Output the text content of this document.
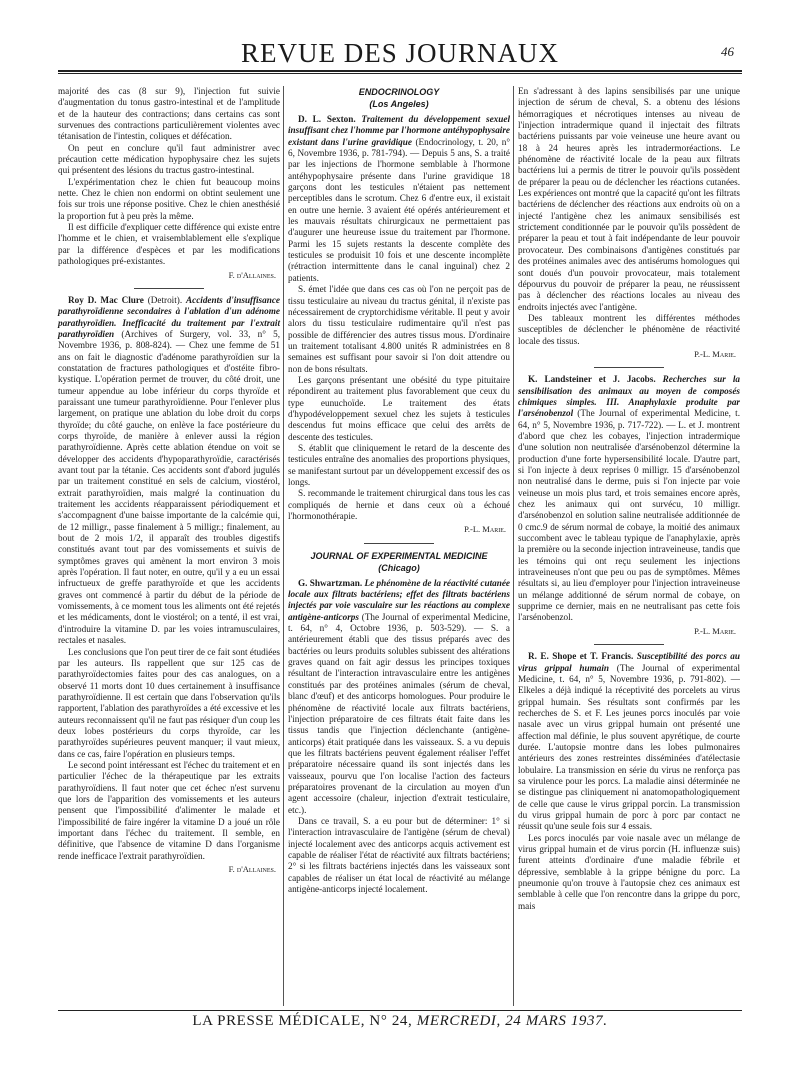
REVUE DES JOURNAUX	46

majorité des cas (8 sur 9), l'injection fut suivie d'augmentation du tonus gastro-intestinal et de l'amplitude et de la hauteur des contractions; dans certains cas sont survenues des contractions particulièrement violentes avec tétanisation de l'intestin, coliques et défécation.

On peut en conclure qu'il faut administrer avec précaution cette médication hypophysaire chez les sujets qui présentent des lésions du tractus gastro-intestinal.

L'expérimentation chez le chien fut beaucoup moins nette. Chez le chien non endormi on obtint seulement une fois sur trois une réponse positive. Chez le chien anesthésié la proportion fut à peu près la même.

Il est difficile d'expliquer cette différence qui existe entre l'homme et le chien, et vraisemblablement elle s'explique par la différence d'espèces et par les modifications pathologiques pré-existantes.

F. d'Allaines.

Roy D. Mac Clure (Detroit). Accidents d'insuffisance parathyroïdienne secondaires à l'ablation d'un adénome parathyroïdien. Inefficacité du traitement par l'extrait parathyroïdien (Archives of Surgery, vol. 33, n° 5, Novembre 1936, p. 808-824). — Chez une femme de 51 ans on fait le diagnostic d'adénome parathyroïdien sur la constatation de fractures pathologiques et d'ostéite fibro-kystique. L'opération permet de trouver, du côté droit, une tumeur appendue au lobe inférieur du corps thyroïde et paraissant une tumeur parathyroïdienne. Pour l'enlever plus largement, on pratique une ablation du lobe droit du corps thyroïde; du côté gauche, on enlève la face postérieure du corps thyroïde, de manière à enlever aussi la région parathyroïdienne. Après cette ablation étendue on voit se développer des accidents d'hypoparathyroïdie, caractérisés avant tout par la tétanie. Ces accidents sont d'abord jugulés par un traitement constitué en sels de calcium, viostérol, extrait parathyroïdien, mais malgré la continuation du traitement les accidents réapparaissent périodiquement et s'accompagnent d'une baisse importante de la calcémie qui, de 12 milligr., passe finalement à 5 milligr.; finalement, au bout de 2 mois 1/2, il apparaît des troubles digestifs constitués avant tout par des vomissements et suivis de symptômes graves qui amènent la mort environ 3 mois après l'opération. Il faut noter, en outre, qu'il y a eu un essai infructueux de greffe parathyroïde et que les accidents graves ont commencé à partir du début de la période de vomissements, à ce moment tous les aliments ont été rejetés et les médicaments, dont le viostérol; on a tenté, il est vrai, d'introduire la vitamine D. par les voies intramusculaires, rectales et nasales.

Les conclusions que l'on peut tirer de ce fait sont étudiées par les auteurs. Ils rappellent que sur 125 cas de parathyroïdectomies faites pour des cas analogues, on a observé 11 morts dont 10 dues certainement à insuffisance parathyroïdienne. Il est certain que dans l'observation qu'ils rapportent, l'ablation des parathyroïdes a été excessive et les auteurs reconnaissent qu'il ne faut pas résiquer d'un coup les deux lobes postérieurs du corps thyroïde, car les parathyroïdes supérieures peuvent manquer; il vaut mieux, dans ce cas, faire l'opération en plusieurs temps.

Le second point intéressant est l'échec du traitement et en particulier l'échec de la thérapeutique par les extraits parathyroïdiens. Il faut noter que cet échec n'est survenu que lors de l'apparition des vomissements et les auteurs pensent que l'impossibilité d'alimenter le malade et l'impossibilité de faire ingérer la vitamine D a joué un rôle important dans l'échec du traitement. Il semble, en définitive, que l'absence de vitamine D dans l'organisme rende inefficace l'extrait parathyroïdien.

F. d'Allaines.
ENDOCRINOLOGY
(Los Angeles)

D. L. Sexton. Traitement du développement sexuel insuffisant chez l'homme par l'hormone antéhypophysaire existant dans l'urine gravidique (Endocrinology, t. 20, n° 6, Novembre 1936, p. 781-794). — Depuis 5 ans, S. a traité par les injections de l'hormone semblable à l'hormone antéhypophysaire présente dans l'urine gravidique 18 garçons dont les testicules n'étaient pas nettement perceptibles dans le scrotum. Chez 6 d'entre eux, il existait en outre une hernie. 3 avaient été opérés antérieurement et les mauvais résultats chirurgicaux ne permettaient pas d'augurer une heureuse issue du traitement par l'hormone. Parmi les 15 sujets restants la descente complète des testicules se produisit 10 fois et une descente incomplète (rétraction intermittente dans le canal inguinal) chez 2 patients.

S. émet l'idée que dans ces cas où l'on ne perçoit pas de tissu testiculaire au niveau du tractus génital, il n'existe pas nécessairement de cryptorchidisme véritable. Il peut y avoir alors du tissu testiculaire rudimentaire qu'il n'est pas possible de différencier des autres tissus mous. D'ordinaire un traitement totalisant 4.800 unités R administrées en 8 semaines est suffisant pour savoir si l'on doit attendre ou non de bons résultats.

Les garçons présentant une obésité du type pituitaire répondirent au traitement plus favorablement que ceux du type eunuchoïde. Le traitement des états d'hypodéveloppement sexuel chez les sujets à testicules descendus fut moins efficace que celui des arrêts de descente des testicules.

S. établit que cliniquement le retard de la descente des testicules entraîne des anomalies des proportions physiques, se manifestant surtout par un développement excessif des os longs.

S. recommande le traitement chirurgical dans tous les cas compliqués de hernie et dans ceux où a échoué l'hormonothérapie.

P.-L. Marie.
JOURNAL OF EXPERIMENTAL MEDICINE
(Chicago)

G. Shwartzman. Le phénomène de la réactivité cutanée locale aux filtrats bactériens; effet des filtrats bactériens injectés par voie vasculaire sur les réactions au complexe antigène-anticorps (The Journal of experimental Medicine, t. 64, n° 4, Octobre 1936, p. 503-529). — S. a antérieurement établi que des tissus préparés avec des bactéries ou leurs produits solubles subissent des altérations graves quand on fait agir dessus les principes toxiques résultant de l'interaction intravasculaire entre les antigènes constitués par des protéines animales (sérum de cheval, blanc d'œuf) et des anticorps homologues. Pour produire le phénomène de réactivité locale aux filtrats bactériens, l'injection préparatoire de ces filtrats était faite dans les tissus tandis que l'injection déclenchante (antigène-anticorps) était pratiquée dans les vaisseaux. S. a vu depuis que les filtrats bactériens peuvent également réaliser l'effet préparatoire nécessaire quand ils sont injectés dans les vaisseaux, pourvu que l'on localise l'action des facteurs préparatoires provenant de la circulation au moyen d'un agent accessoire (chaleur, injection d'extrait testiculaire, etc.).

Dans ce travail, S. a eu pour but de déterminer: 1° si l'interaction intravasculaire de l'antigène (sérum de cheval) injecté localement avec des anticorps acquis activement est capable de réaliser l'état de réactivité aux filtrats bactériens; 2° si les filtrats bactériens injectés dans les vaisseaux sont capables de réaliser un état local de réactivité au mélange antigène-anticorps injecté localement.

En s'adressant à des lapins sensibilisés par une unique injection de sérum de cheval, S. a obtenu des lésions hémorragiques et nécrotiques intenses au niveau de l'injection intradermique quand il injectait des filtrats bactériens puissants par voie veineuse une heure avant ou 18 à 24 heures après les intradermoréactions. Le phénomène de réactivité locale de la peau aux filtrats bactériens lui a permis de titrer le pouvoir qu'ils possèdent de préparer la peau ou de déclencher les réactions cutanées. Les expériences ont montré que la capacité qu'ont les filtrats bactériens de déclencher des réactions aux endroits où on a injecté l'antigène chez les animaux sensibilisés est strictement conditionnée par le pouvoir qu'ils possèdent de préparer la peau et tout à fait indépendante de leur pouvoir provocateur. Des combinaisons d'antigènes constitués par des protéines animales avec des antisérums homologues qui sont doués d'un pouvoir provocateur, mais totalement dépourvus du pouvoir de préparer la peau, ne réussissent pas à déclencher des réactions locales au niveau des endroits injectés avec l'antigène.

Des tableaux montrent les différentes méthodes susceptibles de déclencher le phénomène de réactivité locale des tissus.

P.-L. Marie.

K. Landsteiner et J. Jacobs. Recherches sur la sensibilisation des animaux au moyen de composés chimiques simples. III. Anaphylaxie produite par l'arsénobenzol (The Journal of experimental Medicine, t. 64, n° 5, Novembre 1936, p. 717-722). — L. et J. montrent d'abord que chez les cobayes, l'injection intradermique d'une solution non neutralisée d'arsénobenzol détermine la production d'une forte hypersensibilité locale. D'autre part, si l'on injecte à deux reprises 0 milligr. 15 d'arsénobenzol non neutralisé dans le derme, puis si l'on injecte par voie veineuse un mois plus tard, et trois semaines encore après, chez les animaux qui ont survécu, 10 milligr. d'arsénobenzol en solution saline neutralisée additionnée de 0 cmc.9 de sérum normal de cobaye, la moitié des animaux succombent avec le tableau typique de l'anaphylaxie, après la première ou la seconde injection intraveineuse, tandis que les témoins qui ont reçu seulement les injections intraveineuses n'ont que peu ou pas de symptômes. Mêmes résultats si, au lieu d'employer pour l'injection intraveineuse un mélange additionné de sérum normal de cobaye, on supprime ce dernier, mais en ne neutralisant pas cette fois l'arsénobenzol.

P.-L. Marie.

R. E. Shope et T. Francis. Susceptibilité des porcs au virus grippal humain (The Journal of experimental Medicine, t. 64, n° 5, Novembre 1936, p. 791-802). — Elkeles a déjà indiqué la réceptivité des porcelets au virus grippal humain. Ses résultats sont confirmés par les recherches de S. et F. Les jeunes porcs inoculés par voie nasale avec un virus grippal humain ont présenté une affection mal définie, le plus souvent apyrétique, de courte durée. L'autopsie montre dans les lobes pulmonaires antérieurs des zones restreintes disséminées d'atélectasie lobulaire. La transmission en série du virus ne renforça pas sa virulence pour les porcs. La maladie ainsi déterminée ne se distingue pas cliniquement ni anatomopathologiquement de celle que cause le virus grippal porcin. La transmission du virus grippal humain de porc à porc par contact ne réussit qu'une seule fois sur 4 essais.

Les porcs inoculés par voie nasale avec un mélange de virus grippal humain et de virus porcin (H. influenzæ suis) furent atteints d'ordinaire d'une maladie fébrile et dépressive, semblable à la grippe bénigne du porc. La pneumonie qu'on trouve à l'autopsie chez ces animaux est semblable à celle que l'on rencontre dans la grippe du porc, mais

LA PRESSE MÉDICALE, N° 24, MERCREDI, 24 MARS 1937.
